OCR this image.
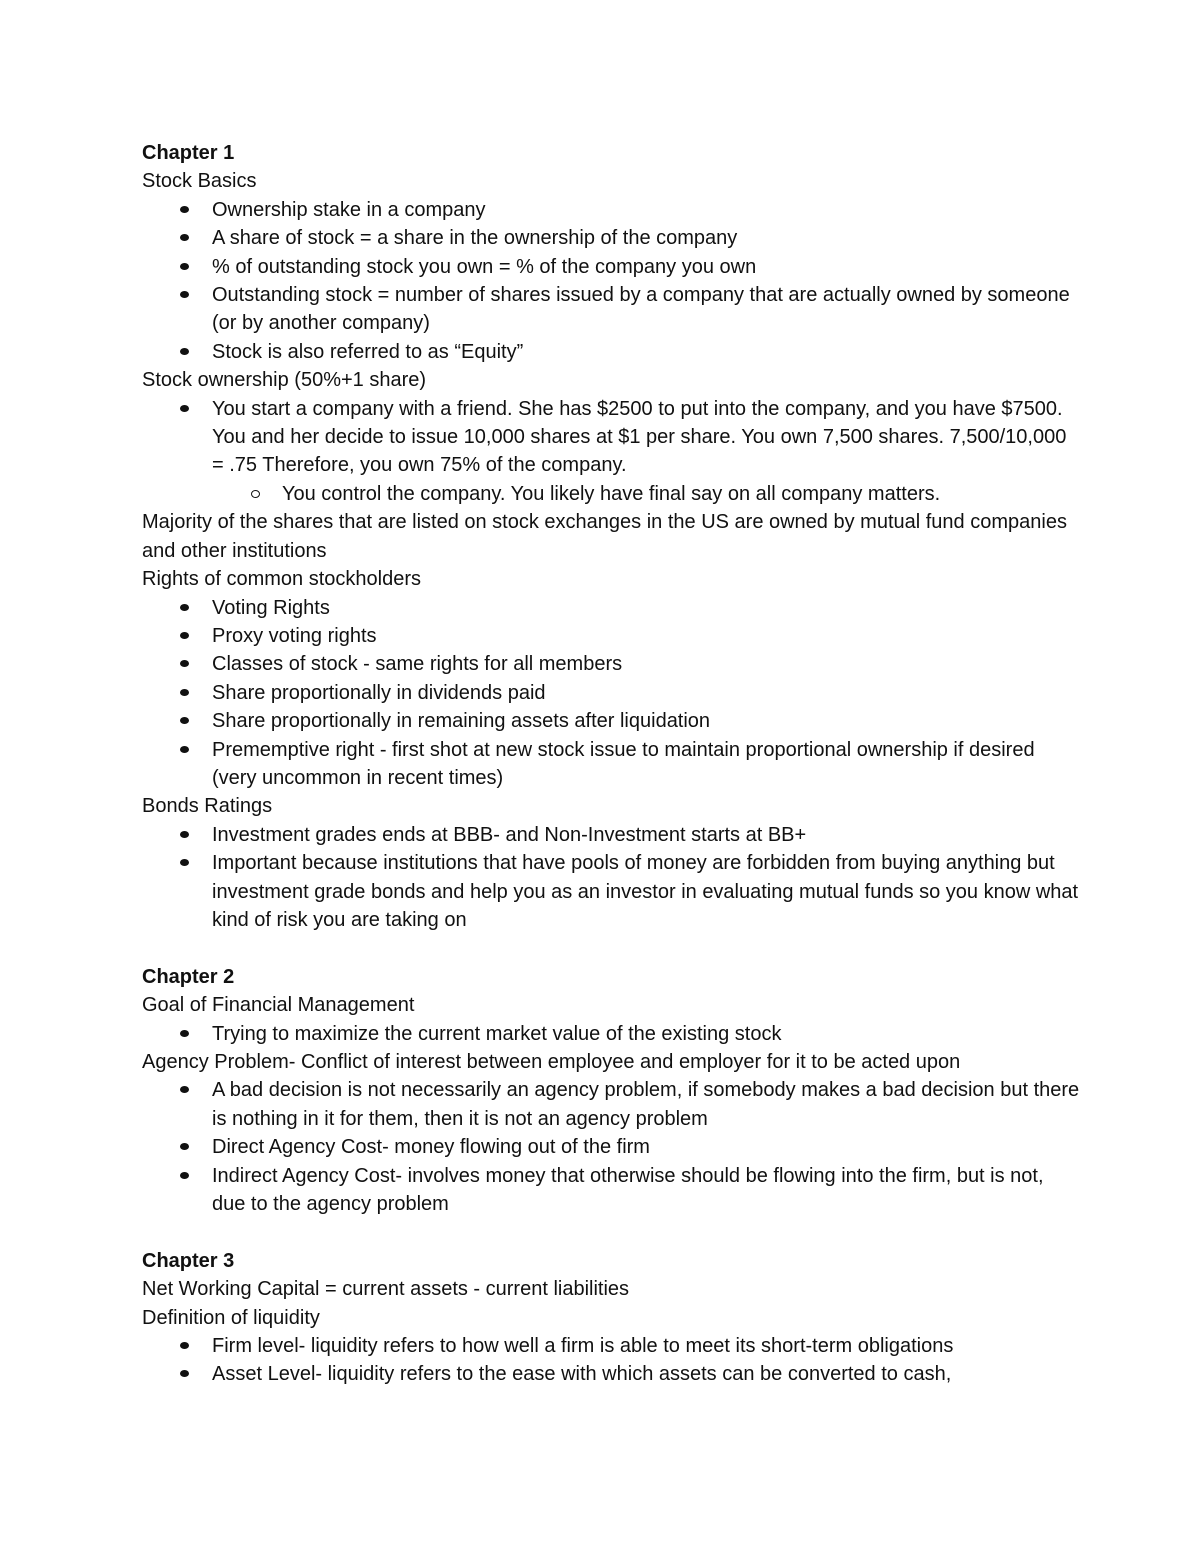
Chapter 1

Stock Basics

Ownership stake in a company
A share of stock = a share in the ownership of the company
% of outstanding stock you own = % of the company you own
Outstanding stock = number of shares issued by a company that are actually owned by someone (or by another company)
Stock is also referred to as “Equity”

Stock ownership (50%+1 share)

You start a company with a friend. She has $2500 to put into the company, and you have $7500. You and her decide to issue 10,000 shares at $1 per share. You own 7,500 shares. 7,500/10,000 = .75 Therefore, you own 75% of the company.
You control the company. You likely have final say on all company matters.

Majority of the shares that are listed on stock exchanges in the US are owned by mutual fund companies and other institutions

Rights of common stockholders

Voting Rights
Proxy voting rights
Classes of stock - same rights for all members
Share proportionally in dividends paid
Share proportionally in remaining assets after liquidation
Prememptive right - first shot at new stock issue to maintain proportional ownership if desired (very uncommon in recent times)

Bonds Ratings

Investment grades ends at BBB- and Non-Investment starts at BB+
Important because institutions that have pools of money are forbidden from buying anything but investment grade bonds and help you as an investor in evaluating mutual funds so you know what kind of risk you are taking on

Chapter 2

Goal of Financial Management

Trying to maximize the current market value of the existing stock

Agency Problem- Conflict of interest between employee and employer for it to be acted upon

A bad decision is not necessarily an agency problem, if somebody makes a bad decision but there is nothing in it for them, then it is not an agency problem
Direct Agency Cost- money flowing out of the firm
Indirect Agency Cost- involves money that otherwise should be flowing into the firm, but is not, due to the agency problem

Chapter 3

Net Working Capital = current assets - current liabilities

Definition of liquidity

Firm level- liquidity refers to how well a firm is able to meet its short-term obligations
Asset Level- liquidity refers to the ease with which assets can be converted to cash,
